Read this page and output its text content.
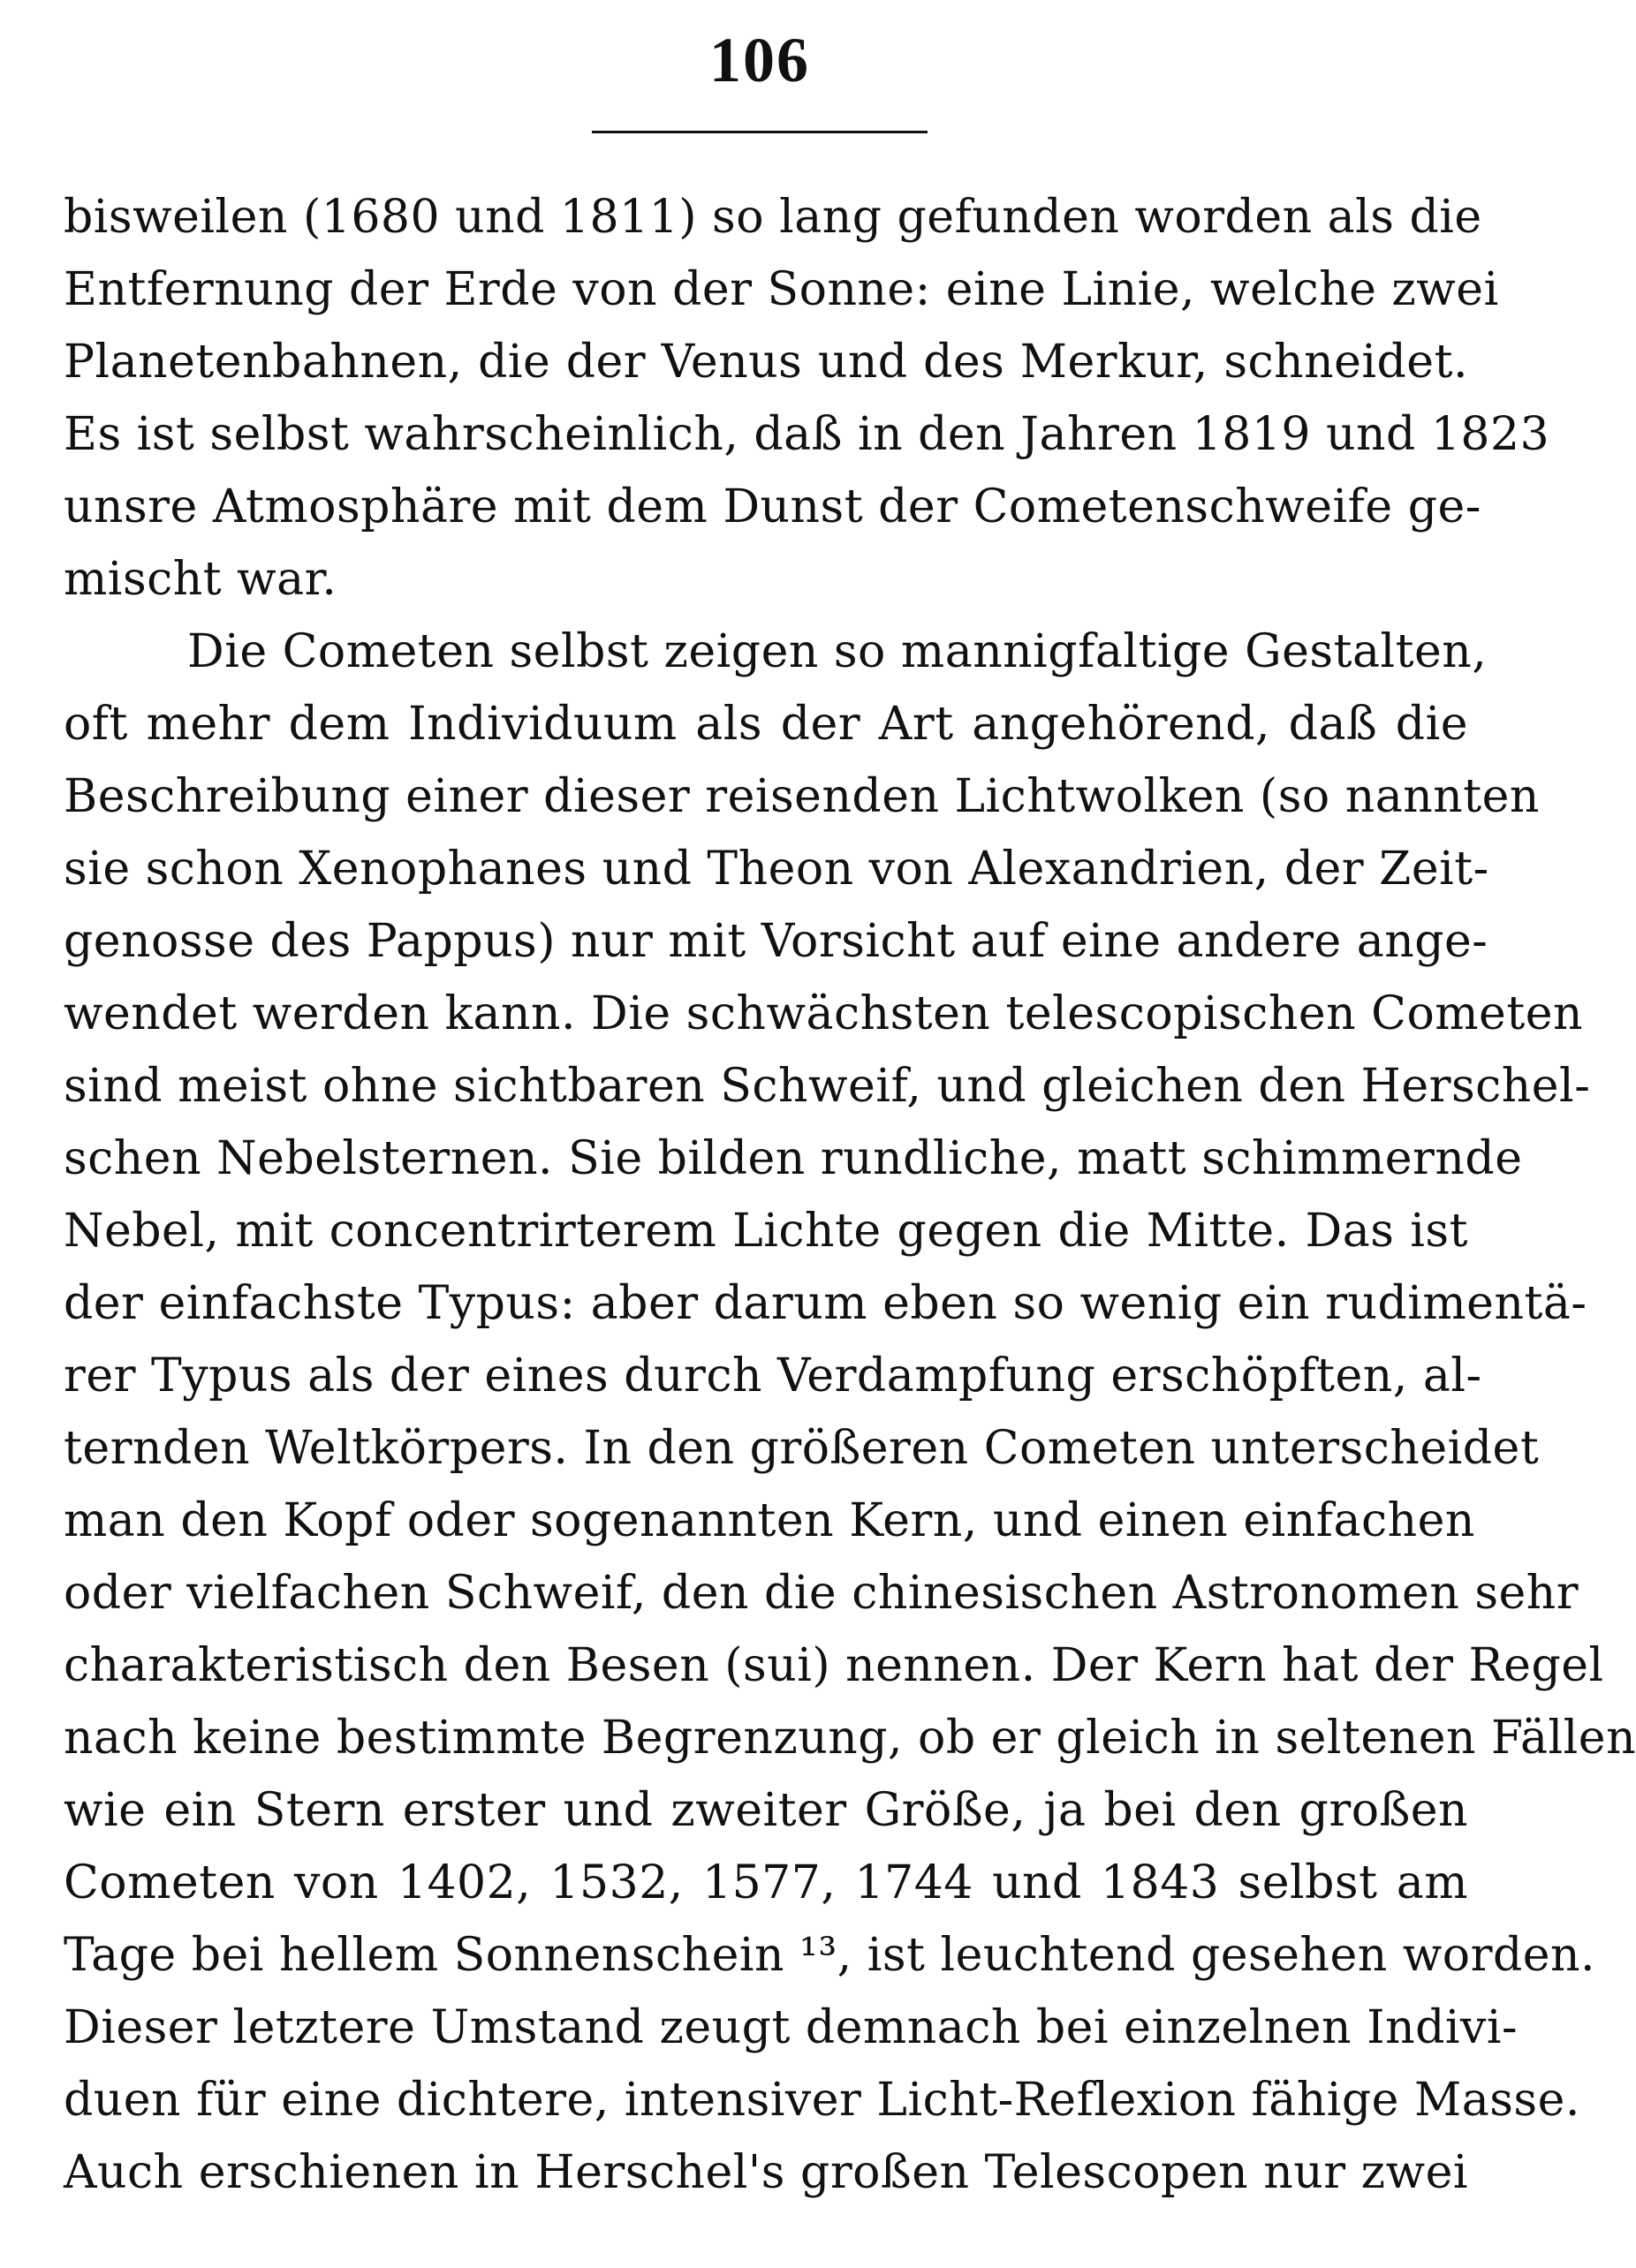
106
bisweilen (1680 und 1811) so lang gefunden worden als die
Entfernung der Erde von der Sonne: eine Linie, welche zwei
Planetenbahnen, die der Venus und des Merkur, schneidet.
Es ist selbst wahrscheinlich, daß in den Jahren 1819 und 1823
unsre Atmosphäre mit dem Dunst der Cometenschweife ge-
mischt war.
Die Cometen selbst zeigen so mannigfaltige Gestalten,
oft mehr dem Individuum als der Art angehörend, daß die
Beschreibung einer dieser reisenden Lichtwolken (so nannten
sie schon Xenophanes und Theon von Alexandrien, der Zeit-
genosse des Pappus) nur mit Vorsicht auf eine andere ange-
wendet werden kann. Die schwächsten telescopischen Cometen
sind meist ohne sichtbaren Schweif, und gleichen den Herschel-
schen Nebelsternen. Sie bilden rundliche, matt schimmernde
Nebel, mit concentrirterem Lichte gegen die Mitte. Das ist
der einfachste Typus: aber darum eben so wenig ein rudimentä-
rer Typus als der eines durch Verdampfung erschöpften, al-
ternden Weltkörpers. In den größeren Cometen unterscheidet
man den Kopf oder sogenannten Kern, und einen einfachen
oder vielfachen Schweif, den die chinesischen Astronomen sehr
charakteristisch den Besen (sui) nennen. Der Kern hat der Regel
nach keine bestimmte Begrenzung, ob er gleich in seltenen Fällen
wie ein Stern erster und zweiter Größe, ja bei den großen
Cometen von 1402, 1532, 1577, 1744 und 1843 selbst am
Tage bei hellem Sonnenschein ¹³, ist leuchtend gesehen worden.
Dieser letztere Umstand zeugt demnach bei einzelnen Indivi-
duen für eine dichtere, intensiver Licht-Reflexion fähige Masse.
Auch erschienen in Herschel's großen Telescopen nur zwei
